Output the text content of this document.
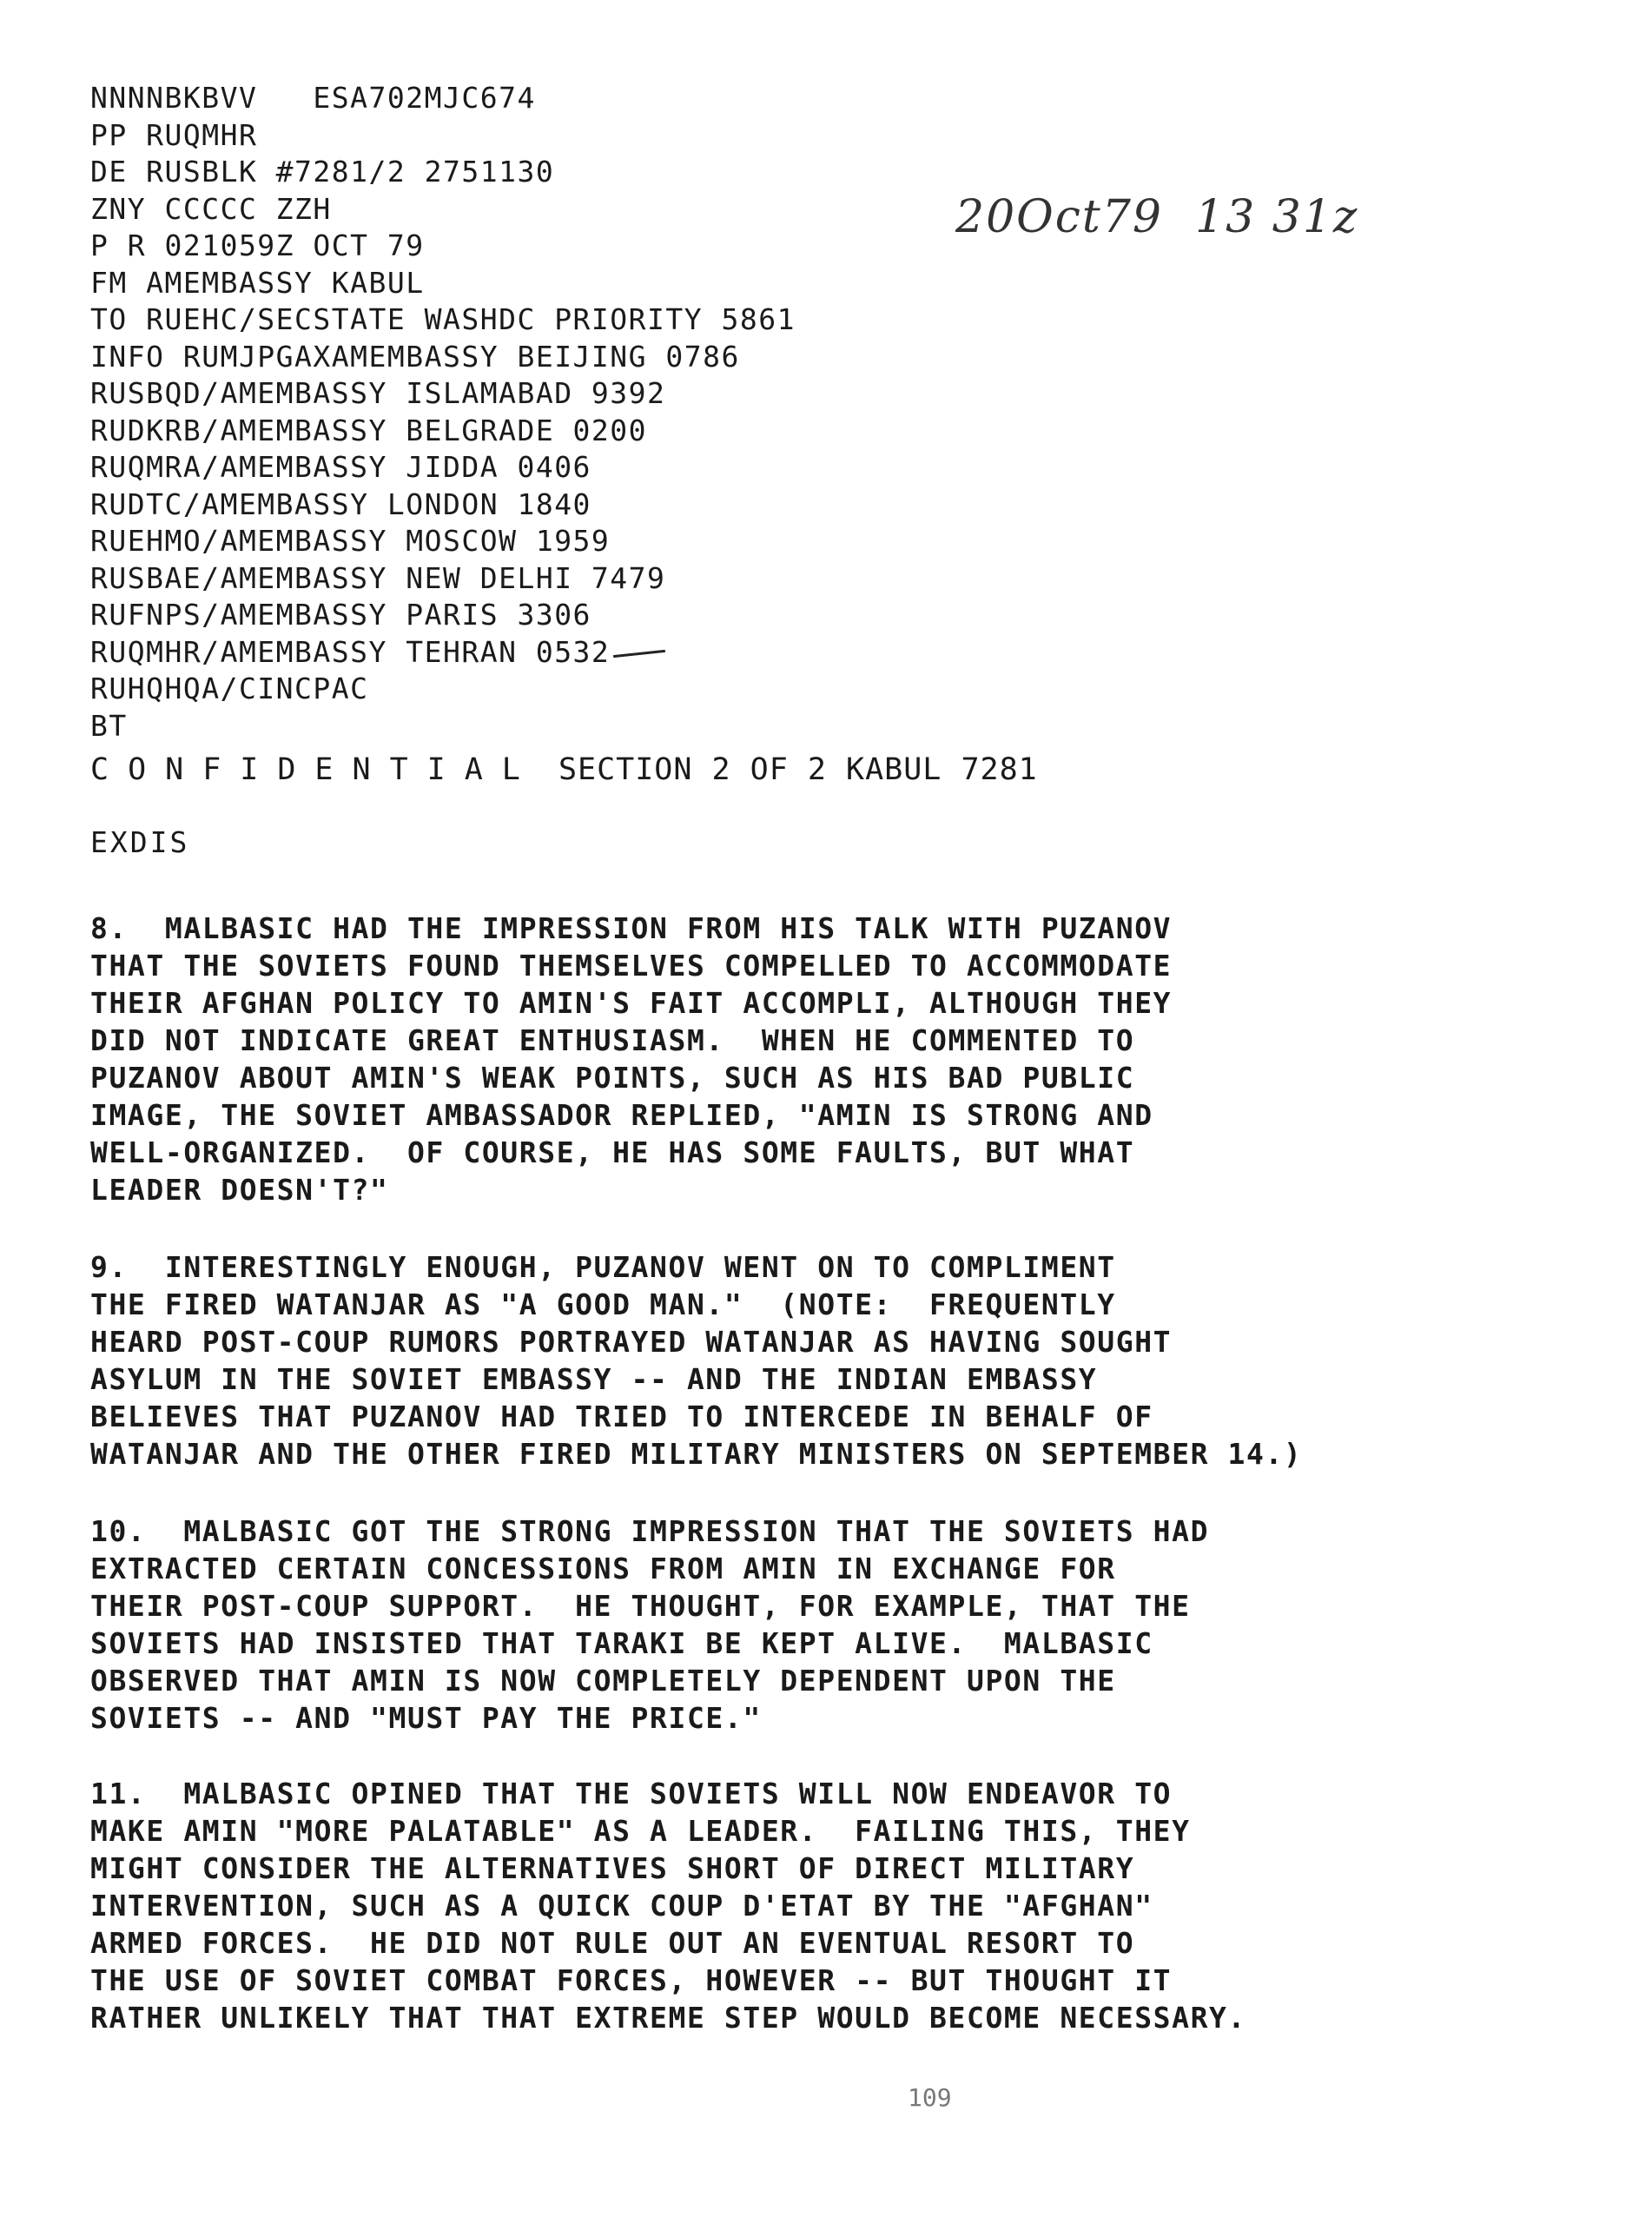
NNNNBKBVV   ESA702MJC674
PP RUQMHR
DE RUSBLK #7281/2 2751130
ZNY CCCCC ZZH
P R 021059Z OCT 79
FM AMEMBASSY KABUL
TO RUEHC/SECSTATE WASHDC PRIORITY 5861
INFO RUMJPGAXAMEMBASSY BEIJING 0786
RUSBQD/AMEMBASSY ISLAMABAD 9392
RUDKRB/AMEMBASSY BELGRADE 0200
RUQMRA/AMEMBASSY JIDDA 0406
RUDTC/AMEMBASSY LONDON 1840
RUEHMO/AMEMBASSY MOSCOW 1959
RUSBAE/AMEMBASSY NEW DELHI 7479
RUFNPS/AMEMBASSY PARIS 3306
RUQMHR/AMEMBASSY TEHRAN 0532
RUHQHQA/CINCPAC
BT
20Oct79  13 31z
CONFIDENTIAL SECTION 2 OF 2 KABUL 7281
EXDIS
8.  MALBASIC HAD THE IMPRESSION FROM HIS TALK WITH PUZANOV
THAT THE SOVIETS FOUND THEMSELVES COMPELLED TO ACCOMMODATE
THEIR AFGHAN POLICY TO AMIN'S FAIT ACCOMPLI, ALTHOUGH THEY
DID NOT INDICATE GREAT ENTHUSIASM.  WHEN HE COMMENTED TO
PUZANOV ABOUT AMIN'S WEAK POINTS, SUCH AS HIS BAD PUBLIC
IMAGE, THE SOVIET AMBASSADOR REPLIED, "AMIN IS STRONG AND
WELL-ORGANIZED.  OF COURSE, HE HAS SOME FAULTS, BUT WHAT
LEADER DOESN'T?"
9.  INTERESTINGLY ENOUGH, PUZANOV WENT ON TO COMPLIMENT
THE FIRED WATANJAR AS "A GOOD MAN."  (NOTE:  FREQUENTLY
HEARD POST-COUP RUMORS PORTRAYED WATANJAR AS HAVING SOUGHT
ASYLUM IN THE SOVIET EMBASSY -- AND THE INDIAN EMBASSY
BELIEVES THAT PUZANOV HAD TRIED TO INTERCEDE IN BEHALF OF
WATANJAR AND THE OTHER FIRED MILITARY MINISTERS ON SEPTEMBER 14.)
10.  MALBASIC GOT THE STRONG IMPRESSION THAT THE SOVIETS HAD
EXTRACTED CERTAIN CONCESSIONS FROM AMIN IN EXCHANGE FOR
THEIR POST-COUP SUPPORT.  HE THOUGHT, FOR EXAMPLE, THAT THE
SOVIETS HAD INSISTED THAT TARAKI BE KEPT ALIVE.  MALBASIC
OBSERVED THAT AMIN IS NOW COMPLETELY DEPENDENT UPON THE
SOVIETS -- AND "MUST PAY THE PRICE."
11.  MALBASIC OPINED THAT THE SOVIETS WILL NOW ENDEAVOR TO
MAKE AMIN "MORE PALATABLE" AS A LEADER.  FAILING THIS, THEY
MIGHT CONSIDER THE ALTERNATIVES SHORT OF DIRECT MILITARY
INTERVENTION, SUCH AS A QUICK COUP D'ETAT BY THE "AFGHAN"
ARMED FORCES.  HE DID NOT RULE OUT AN EVENTUAL RESORT TO
THE USE OF SOVIET COMBAT FORCES, HOWEVER -- BUT THOUGHT IT
RATHER UNLIKELY THAT THAT EXTREME STEP WOULD BECOME NECESSARY.
109
